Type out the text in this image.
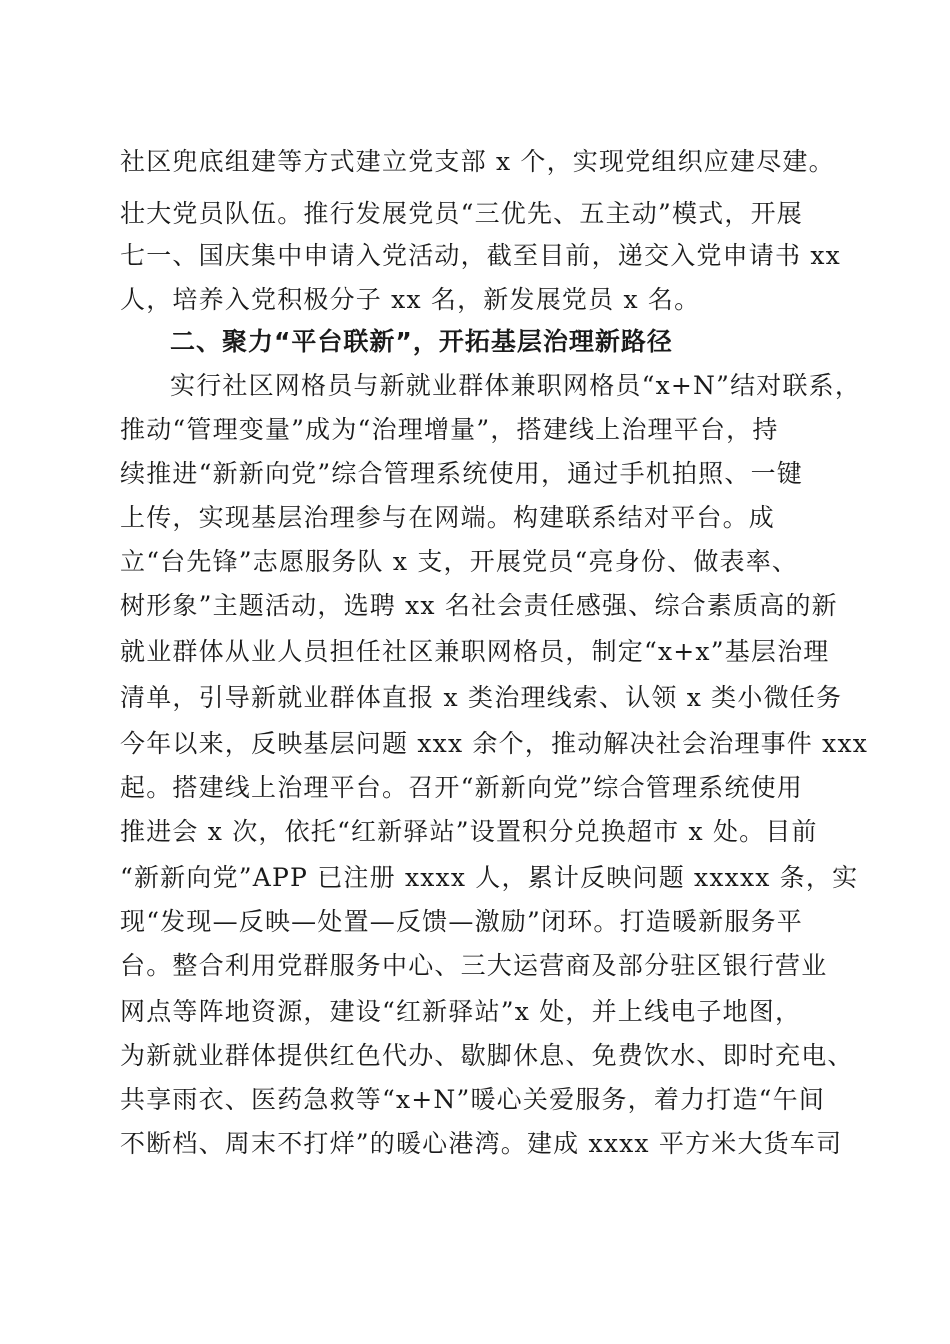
社区兜底组建等方式建立党支部 x 个，实现党组织应建尽建。
壮大党员队伍。推行发展党员“三优先、五主动”模式，开展
七一、国庆集中申请入党活动，截至目前，递交入党申请书 xx
人，培养入党积极分子 xx 名，新发展党员 x 名。
二、聚力“平台联新”，开拓基层治理新路径
实行社区网格员与新就业群体兼职网格员“x+N”结对联系，
推动“管理变量”成为“治理增量”，搭建线上治理平台，持
续推进“新新向党”综合管理系统使用，通过手机拍照、一键
上传，实现基层治理参与在网端。构建联系结对平台。成
立“台先锋”志愿服务队 x 支，开展党员“亮身份、做表率、
树形象”主题活动，选聘 xx 名社会责任感强、综合素质高的新
就业群体从业人员担任社区兼职网格员，制定“x+x”基层治理
清单，引导新就业群体直报 x 类治理线索、认领 x 类小微任务
今年以来，反映基层问题 xxx 余个，推动解决社会治理事件 xxx
起。搭建线上治理平台。召开“新新向党”综合管理系统使用
推进会 x 次，依托“红新驿站”设置积分兑换超市 x 处。目前
“新新向党”APP 已注册 xxxx 人，累计反映问题 xxxxx 条，实
现“发现—反映—处置—反馈—激励”闭环。打造暖新服务平
台。整合利用党群服务中心、三大运营商及部分驻区银行营业
网点等阵地资源，建设“红新驿站”x 处，并上线电子地图，
为新就业群体提供红色代办、歇脚休息、免费饮水、即时充电、
共享雨衣、医药急救等“x+N”暖心关爱服务，着力打造“午间
不断档、周末不打烊”的暖心港湾。建成 xxxx 平方米大货车司
